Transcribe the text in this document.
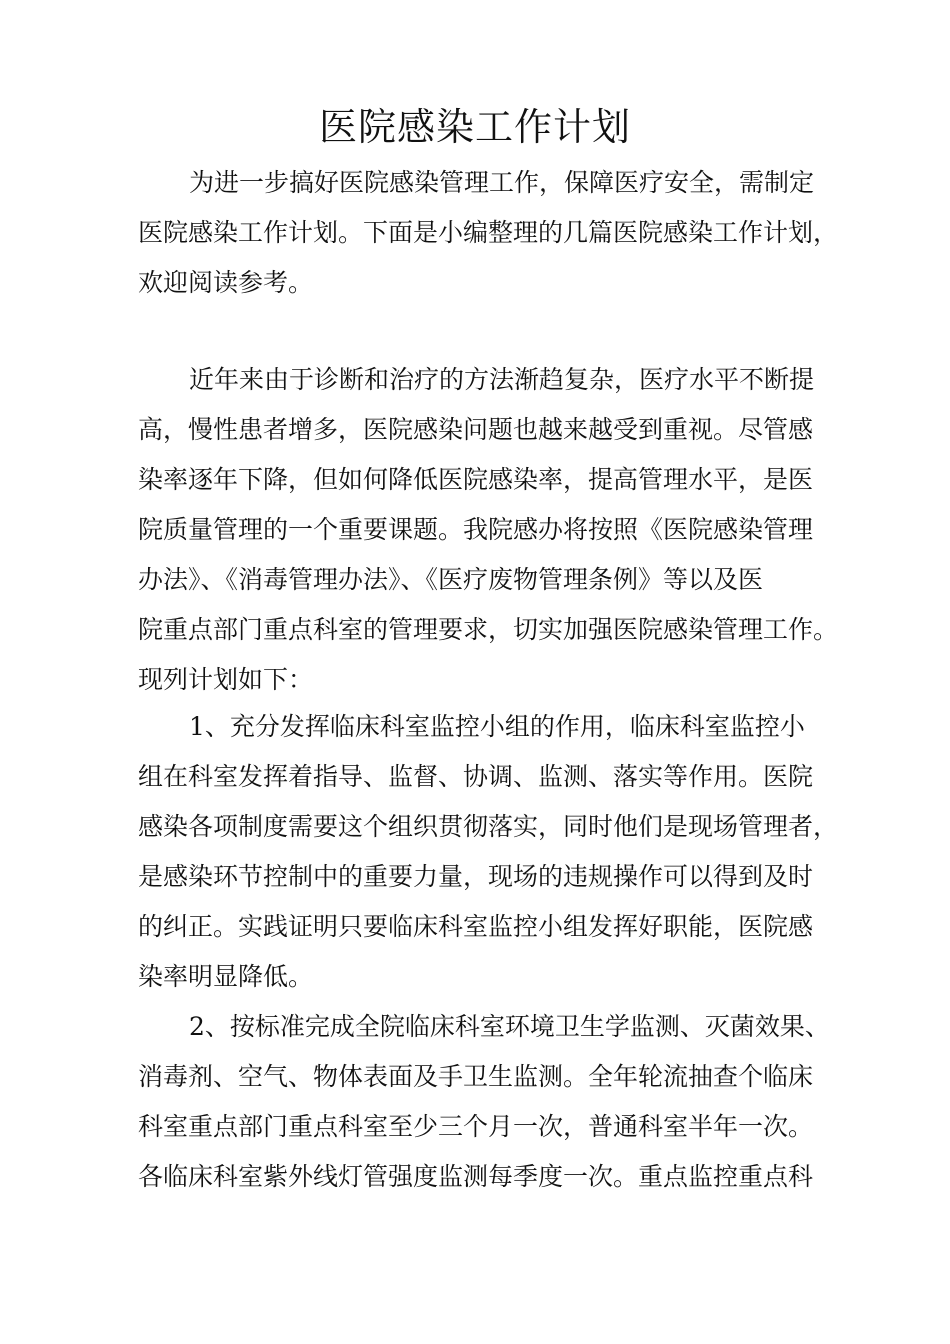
医院感染工作计划
为进一步搞好医院感染管理工作，保障医疗安全，需制定
医院感染工作计划。下面是小编整理的几篇医院感染工作计划，
欢迎阅读参考。
近年来由于诊断和治疗的方法渐趋复杂，医疗水平不断提
高，慢性患者增多，医院感染问题也越来越受到重视。尽管感
染率逐年下降，但如何降低医院感染率，提高管理水平，是医
院质量管理的一个重要课题。我院感办将按照《医院感染管理
办法》、《消毒管理办法》、《医疗废物管理条例》等以及医
院重点部门重点科室的管理要求，切实加强医院感染管理工作。
现列计划如下：
1、充分发挥临床科室监控小组的作用，临床科室监控小
组在科室发挥着指导、监督、协调、监测、落实等作用。医院
感染各项制度需要这个组织贯彻落实，同时他们是现场管理者，
是感染环节控制中的重要力量，现场的违规操作可以得到及时
的纠正。实践证明只要临床科室监控小组发挥好职能，医院感
染率明显降低。
2、按标准完成全院临床科室环境卫生学监测、灭菌效果、
消毒剂、空气、物体表面及手卫生监测。全年轮流抽查个临床
科室重点部门重点科室至少三个月一次，普通科室半年一次。
各临床科室紫外线灯管强度监测每季度一次。重点监控重点科
